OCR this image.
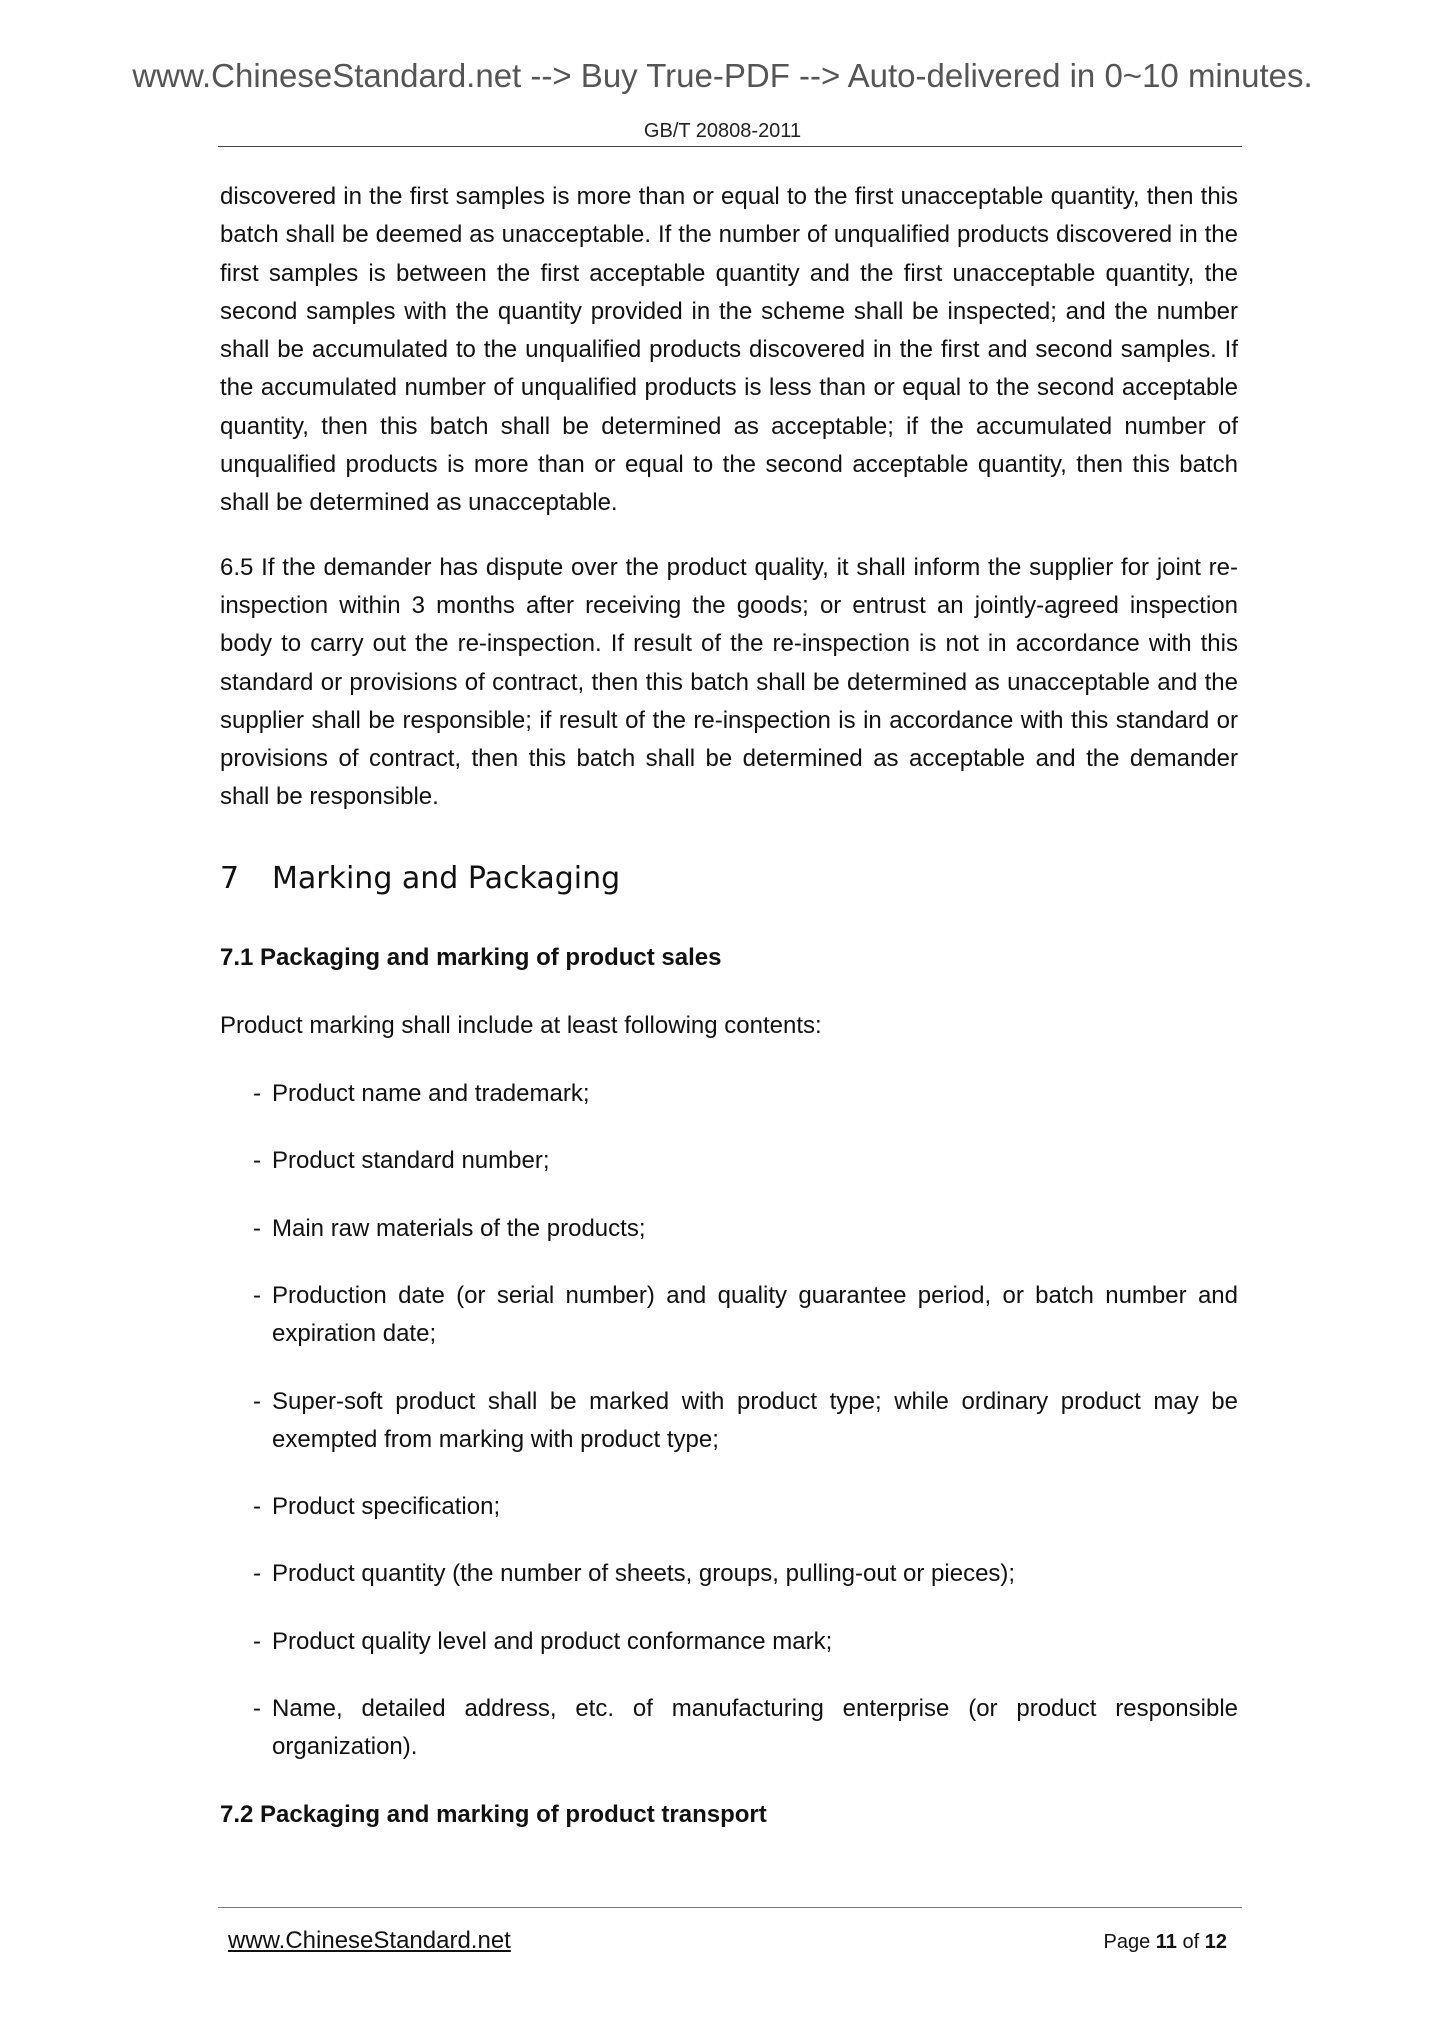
www.ChineseStandard.net --> Buy True-PDF --> Auto-delivered in 0~10 minutes.
GB/T 20808-2011

discovered in the first samples is more than or equal to the first unacceptable quantity, then this batch shall be deemed as unacceptable. If the number of unqualified products discovered in the first samples is between the first acceptable quantity and the first unacceptable quantity, the second samples with the quantity provided in the scheme shall be inspected; and the number shall be accumulated to the unqualified products discovered in the first and second samples. If the accumulated number of unqualified products is less than or equal to the second acceptable quantity, then this batch shall be determined as acceptable; if the accumulated number of unqualified products is more than or equal to the second acceptable quantity, then this batch shall be determined as unacceptable.

6.5 If the demander has dispute over the product quality, it shall inform the supplier for joint re-inspection within 3 months after receiving the goods; or entrust an jointly-agreed inspection body to carry out the re-inspection. If result of the re-inspection is not in accordance with this standard or provisions of contract, then this batch shall be determined as unacceptable and the supplier shall be responsible; if result of the re-inspection is in accordance with this standard or provisions of contract, then this batch shall be determined as acceptable and the demander shall be responsible.

7	Marking and Packaging
7.1 Packaging and marking of product sales

Product marking shall include at least following contents:

- Product name and trademark;
- Product standard number;
- Main raw materials of the products;
- Production date (or serial number) and quality guarantee period, or batch number and expiration date;
- Super-soft product shall be marked with product type; while ordinary product may be exempted from marking with product type;
- Product specification;
- Product quantity (the number of sheets, groups, pulling-out or pieces);
- Product quality level and product conformance mark;
- Name, detailed address, etc. of manufacturing enterprise (or product responsible organization).
7.2 Packaging and marking of product transport
www.ChineseStandard.net	Page 11 of 12
